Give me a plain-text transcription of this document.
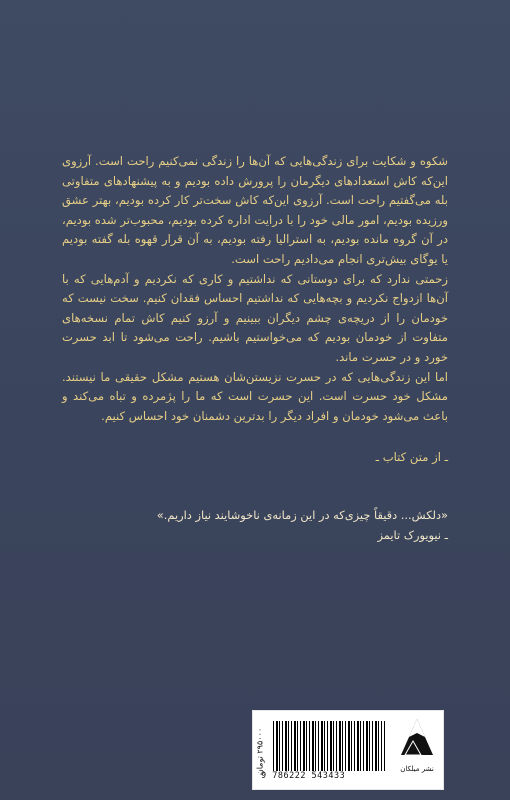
شکوه و شکایت برای زندگی‌هایی که آن‌ها را زندگی نمی‌کنیم راحت است. آرزوی این‌که کاش استعدادهای دیگرمان را پرورش داده بودیم و به پیشنهادهای متفاوتی بله می‌گفتیم راحت است. آرزوی این‌که کاش سخت‌تر کار کرده بودیم، بهتر عشق ورزیده بودیم، امور مالی خود را با درایت اداره کرده بودیم، محبوب‌تر شده بودیم، در آن گروه مانده بودیم، به استرالیا رفته بودیم، به آن قرار قهوه بله گفته بودیم یا یوگای بیش‌تری انجام می‌دادیم راحت است.

زحمتی ندارد که برای دوستانی که نداشتیم و کاری که نکردیم و آدم‌هایی که با آن‌ها ازدواج نکردیم و بچه‌هایی که نداشتیم احساس فقدان کنیم. سخت نیست که خودمان را از دریچه‌ی چشم دیگران ببینیم و آرزو کنیم کاش تمام نسخه‌های متفاوت از خودمان بودیم که می‌خواستیم باشیم. راحت می‌شود تا ابد حسرت خورد و در حسرت ماند.

اما این زندگی‌هایی که در حسرت نزیستن‌شان هستیم مشکل حقیقی ما نیستند. مشکل خود حسرت است. این حسرت است که ما را پژمرده و تباه می‌کند و باعث می‌شود خودمان و افراد دیگر را بدترین دشمنان خود احساس کنیم.

ـ از متن کتاب ـ
«دلکش... دقیقاً چیزی‌که در این زمانه‌ی ناخوشایند نیاز داریم.»
ـ نیویورک تایمز
۲۹۵۰۰۰ تومان
9 786222 543433
نشر میلکان
